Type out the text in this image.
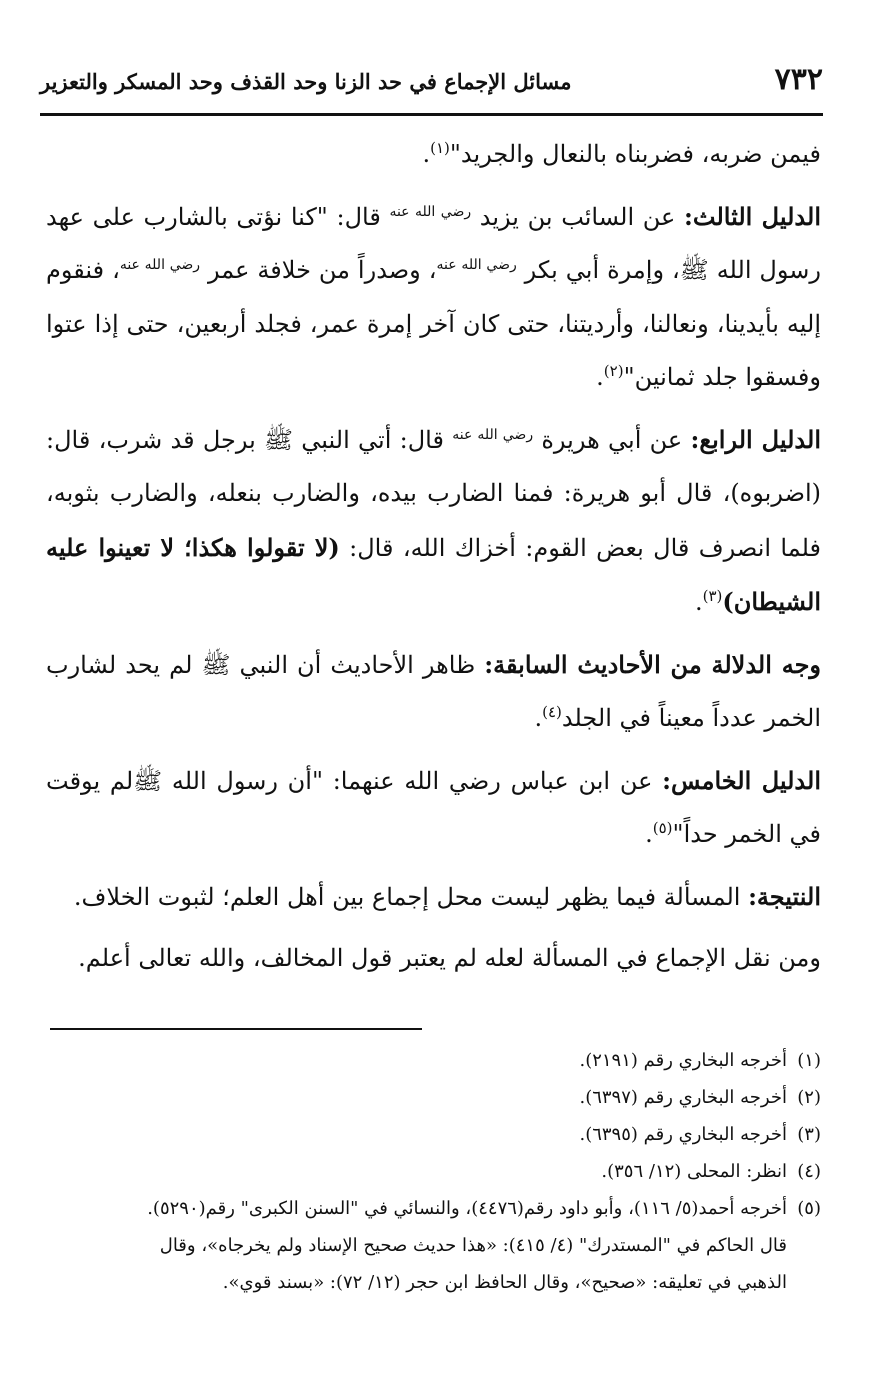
٧٣٢
مسائل الإجماع في حد الزنا وحد القذف وحد المسكر والتعزير

فيمن ضربه، فضربناه بالنعال والجريد"$^{(١)}$.

الدليل الثالث: عن السائب بن يزيد $^{رضي الله عنه}$ قال: "كنا نؤتى بالشارب على عهد رسول الله ﷺ، وإمرة أبي بكر $^{رضي الله عنه}$، وصدراً من خلافة عمر $^{رضي الله عنه}$، فنقوم إليه بأيدينا، ونعالنا، وأرديتنا، حتى كان آخر إمرة عمر، فجلد أربعين، حتى إذا عتوا وفسقوا جلد ثمانين"$^{(٢)}$.

الدليل الرابع: عن أبي هريرة $^{رضي الله عنه}$ قال: أتي النبي ﷺ برجل قد شرب، قال: (اضربوه)، قال أبو هريرة: فمنا الضارب بيده، والضارب بنعله، والضارب بثوبه، فلما انصرف قال بعض القوم: أخزاك الله، قال: (لا تقولوا هكذا؛ لا تعينوا عليه الشيطان)$^{(٣)}$.

وجه الدلالة من الأحاديث السابقة: ظاهر الأحاديث أن النبي ﷺ لم يحد لشارب الخمر عدداً معيناً في الجلد$^{(٤)}$.

الدليل الخامس: عن ابن عباس رضي الله عنهما: "أن رسول الله ﷺلم يوقت في الخمر حداً"$^{(٥)}$.

النتيجة: المسألة فيما يظهر ليست محل إجماع بين أهل العلم؛ لثبوت الخلاف.

ومن نقل الإجماع في المسألة لعله لم يعتبر قول المخالف، والله تعالى أعلم.

(١)أخرجه البخاري رقم (٢١٩١).

(٢)أخرجه البخاري رقم (٦٣٩٧).

(٣)أخرجه البخاري رقم (٦٣٩٥).

(٤)انظر: المحلى (١٢/ ٣٥٦).

(٥)أخرجه أحمد(٥/ ١١٦)، وأبو داود رقم(٤٤٧٦)، والنسائي في "السنن الكبرى" رقم(٥٢٩٠).

قال الحاكم في "المستدرك" (٤/ ٤١٥): «هذا حديث صحيح الإسناد ولم يخرجاه»، وقال

الذهبي في تعليقه: «صحيح»، وقال الحافظ ابن حجر (١٢/ ٧٢): «بسند قوي».
